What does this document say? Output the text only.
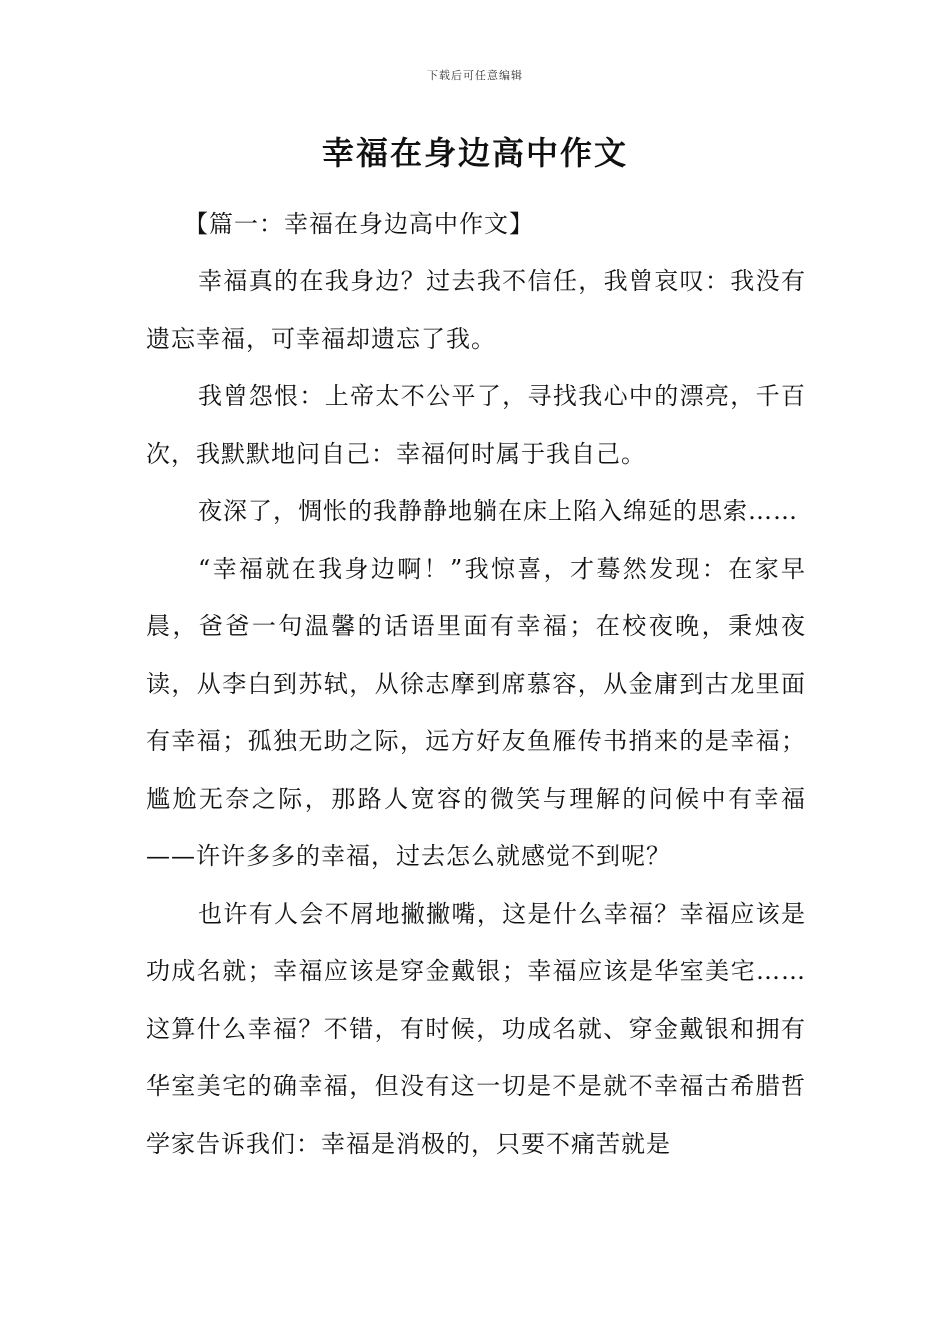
下载后可任意编辑
幸福在身边高中作文

【篇一：幸福在身边高中作文】

幸福真的在我身边？过去我不信任，我曾哀叹：我没有遗忘幸福，可幸福却遗忘了我。

我曾怨恨：上帝太不公平了，寻找我心中的漂亮，千百次，我默默地问自己：幸福何时属于我自己。

夜深了，惆怅的我静静地躺在床上陷入绵延的思索……

“幸福就在我身边啊！”我惊喜，才蓦然发现：在家早晨，爸爸一句温馨的话语里面有幸福；在校夜晚，秉烛夜读，从李白到苏轼，从徐志摩到席慕容，从金庸到古龙里面有幸福；孤独无助之际，远方好友鱼雁传书捎来的是幸福；尴尬无奈之际，那路人宽容的微笑与理解的问候中有幸福——许许多多的幸福，过去怎么就感觉不到呢？

也许有人会不屑地撇撇嘴，这是什么幸福？幸福应该是功成名就；幸福应该是穿金戴银；幸福应该是华室美宅……这算什么幸福？不错，有时候，功成名就、穿金戴银和拥有华室美宅的确幸福，但没有这一切是不是就不幸福古希腊哲学家告诉我们：幸福是消极的，只要不痛苦就是
